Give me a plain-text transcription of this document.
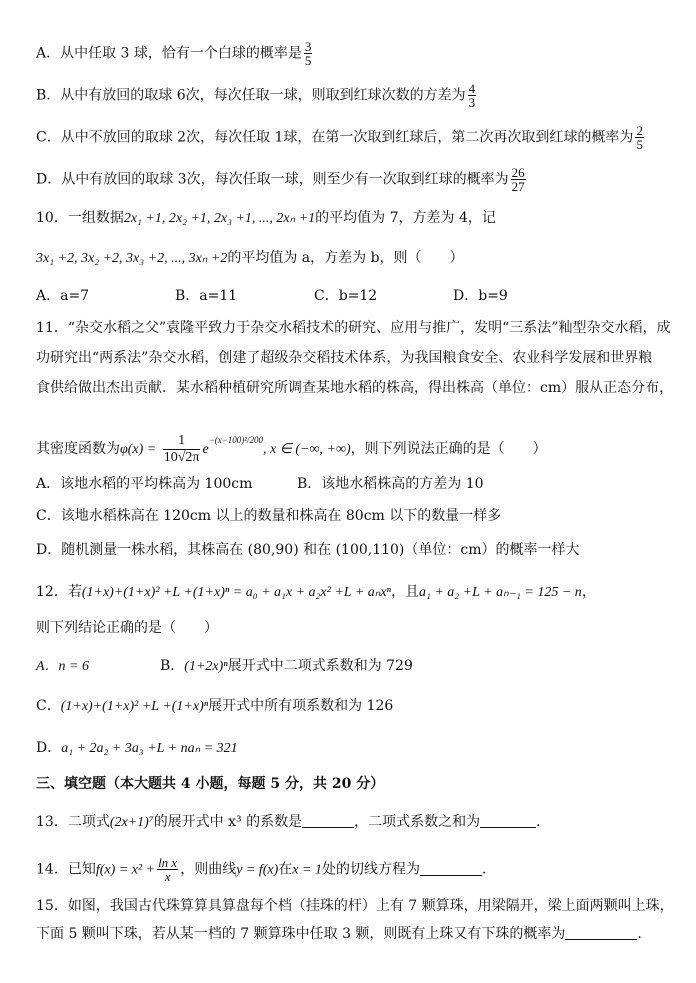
A．从中任取 3 球，恰有一个白球的概率是 $\frac{3}{5}$
B．从中有放回的取球 6次，每次任取一球，则取到红球次数的方差为 $\frac{4}{3}$
C．从中不放回的取球 2次，每次任取 1球，在第一次取到红球后，第二次再次取到红球的概率为 $\frac{2}{5}$
D．从中有放回的取球 3次，每次任取一球，则至少有一次取到红球的概率为 $\frac{26}{27}$
10．一组数据2x₁ +1, 2x₂ +1, 2x₃ +1, ..., 2xₙ +1的平均值为 7，方差为 4，记
3x₁ +2, 3x₂ +2, 3x₃ +2, ..., 3xₙ +2的平均值为 a，方差为 b，则（　　）
A．a=7	B．a=11	C．b=12	D．b=9
11．“杂交水稻之父”袁隆平致力于杂交水稻技术的研究、应用与推广，发明“三系法”籼型杂交水稻，成
功研究出“两系法”杂交水稻，创建了超级杂交稻技术体系，为我国粮食安全、农业科学发展和世界粮
食供给做出杰出贡献．某水稻种植研究所调查某地水稻的株高，得出株高（单位：cm）服从正态分布，
其密度函数为$\varphi(x) = \frac{1}{10√2\pi} e^{-(x-100)^2/200}$, x ∈ (−∞, +∞)，则下列说法正确的是（　　）
A．该地水稻的平均株高为 100cm	B．该地水稻株高的方差为 10
C．该地水稻株高在 120cm 以上的数量和株高在 80cm 以下的数量一样多
D．随机测量一株水稻，其株高在 (80,90) 和在 (100,110)（单位：cm）的概率一样大
12．若(1+x)+(1+x)² +L +(1+x)ⁿ = a₀ + a₁x + a₂x² +L + aₙxⁿ，且a₁ + a₂ +L + aₙ₋₁ = 125 − n，
则下列结论正确的是（　　）
A．n = 6	B．(1+2x)ⁿ展开式中二项式系数和为 729
C．(1+x)+(1+x)² +L +(1+x)ⁿ展开式中所有项系数和为 126
D．a₁ + 2a₂ + 3a₃ +L + naₙ = 321
三、填空题（本大题共 4 小题，每题 5 分，共 20 分）
13．二项式(2x+1)⁷的展开式中 x³ 的系数是	，二项式系数之和为	．
14．已知$f(x) = x^2 + \frac{\text{ln x}}{x}$ ，则曲线y = f(x)在x = 1处的切线方程为	．
15．如图，我国古代珠算算具算盘每个档（挂珠的杆）上有 7 颗算珠，用梁隔开，梁上面两颗叫上珠，
下面 5 颗叫下珠，若从某一档的 7 颗算珠中任取 3 颗，则既有上珠又有下珠的概率为	．
